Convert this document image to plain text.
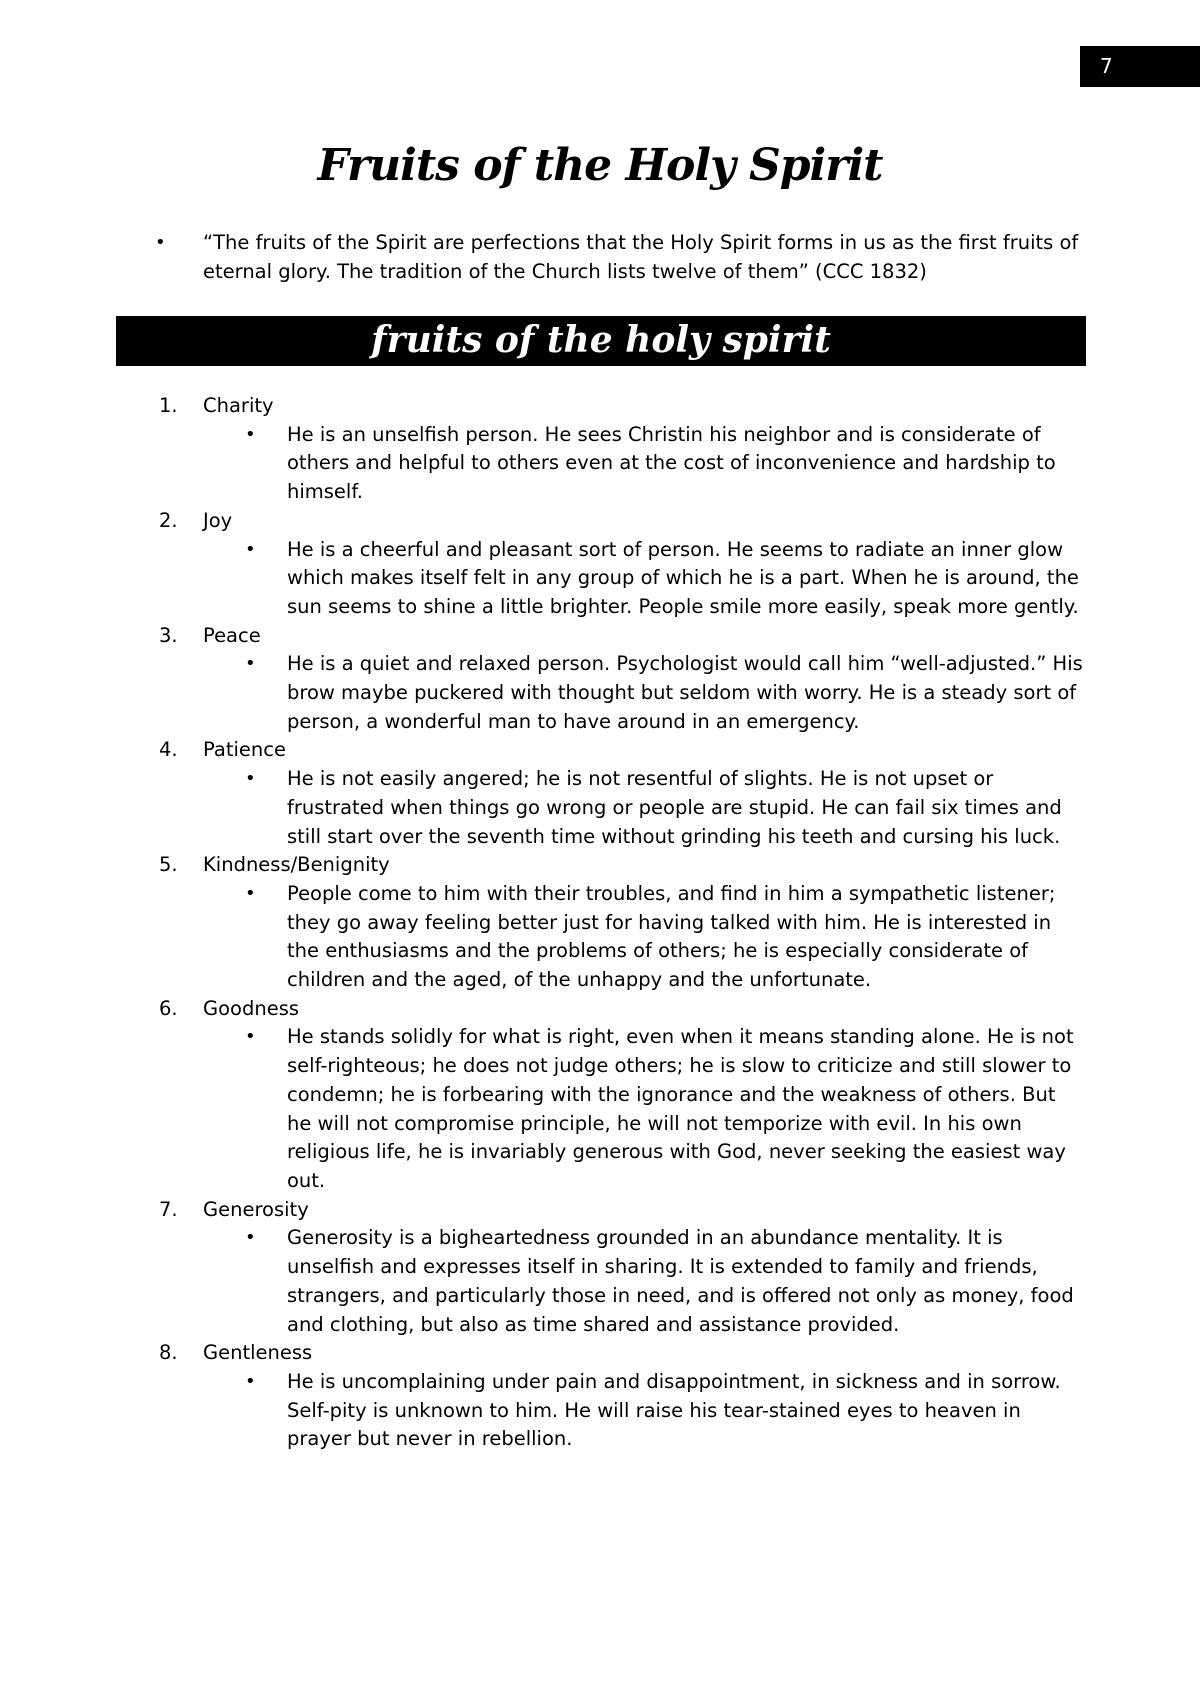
7
Fruits of the Holy Spirit
• “The fruits of the Spirit are perfections that the Holy Spirit forms in us as the first fruits of eternal glory. The tradition of the Church lists twelve of them” (CCC 1832)
fruits of the holy spirit
1. Charity
• He is an unselfish person. He sees Christin his neighbor and is considerate of others and helpful to others even at the cost of inconvenience and hardship to himself.
2. Joy
• He is a cheerful and pleasant sort of person. He seems to radiate an inner glow which makes itself felt in any group of which he is a part. When he is around, the sun seems to shine a little brighter. People smile more easily, speak more gently.
3. Peace
• He is a quiet and relaxed person. Psychologist would call him “well-adjusted.” His brow maybe puckered with thought but seldom with worry. He is a steady sort of person, a wonderful man to have around in an emergency.
4. Patience
• He is not easily angered; he is not resentful of slights. He is not upset or frustrated when things go wrong or people are stupid. He can fail six times and still start over the seventh time without grinding his teeth and cursing his luck.
5. Kindness/Benignity
• People come to him with their troubles, and find in him a sympathetic listener; they go away feeling better just for having talked with him. He is interested in the enthusiasms and the problems of others; he is especially considerate of children and the aged, of the unhappy and the unfortunate.
6. Goodness
• He stands solidly for what is right, even when it means standing alone. He is not self-righteous; he does not judge others; he is slow to criticize and still slower to condemn; he is forbearing with the ignorance and the weakness of others. But he will not compromise principle, he will not temporize with evil. In his own religious life, he is invariably generous with God, never seeking the easiest way out.
7. Generosity
• Generosity is a bigheartedness grounded in an abundance mentality. It is unselfish and expresses itself in sharing. It is extended to family and friends, strangers, and particularly those in need, and is offered not only as money, food and clothing, but also as time shared and assistance provided.
8. Gentleness
• He is uncomplaining under pain and disappointment, in sickness and in sorrow. Self-pity is unknown to him. He will raise his tear-stained eyes to heaven in prayer but never in rebellion.
